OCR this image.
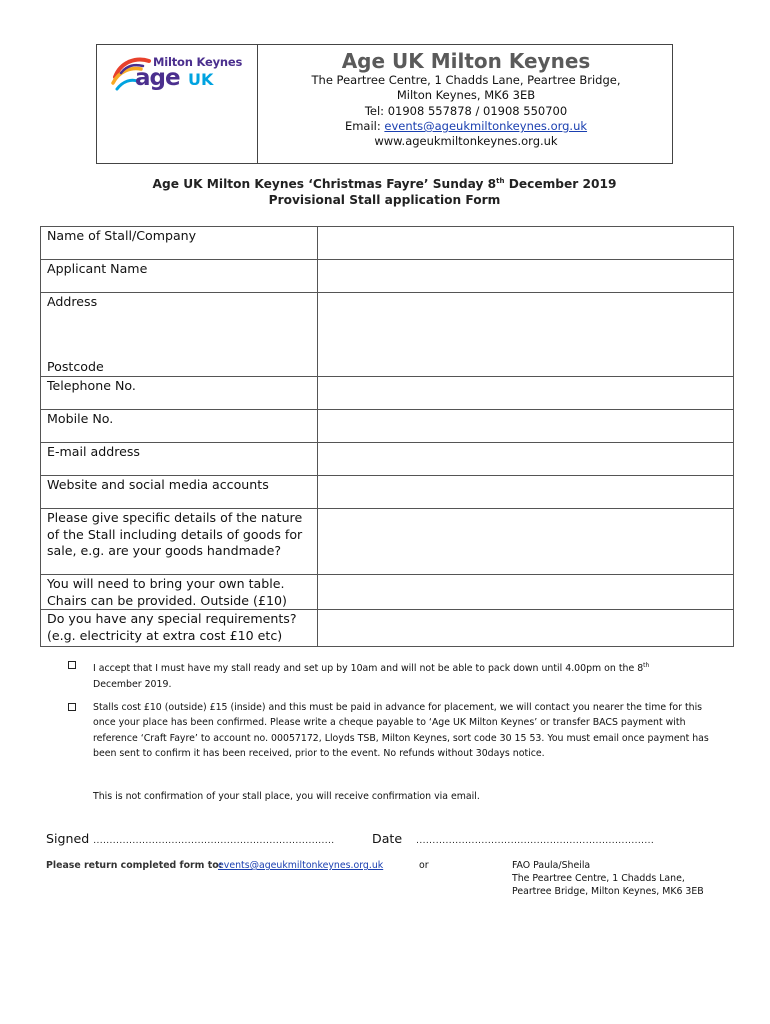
Milton Keynes
age UK
Age UK Milton Keynes
The Peartree Centre, 1 Chadds Lane, Peartree Bridge,
Milton Keynes, MK6 3EB
Tel: 01908 557878 / 01908 550700
Email: events@ageukmiltonkeynes.org.uk
www.ageukmiltonkeynes.org.uk
Age UK Milton Keynes ‘Christmas Fayre’ Sunday 8th December 2019
Provisional Stall application Form
Name of Stall/Company

Applicant Name

Address
Postcode

Telephone No.

Mobile No.

E-mail address

Website and social media accounts

Please give specific details of the nature of the Stall including details of goods for sale, e.g. are your goods handmade?

You will need to bring your own table.
Chairs can be provided. Outside (£10)

Do you have any special requirements?
(e.g. electricity at extra cost £10 etc)

I accept that I must have my stall ready and set up by 10am and will not be able to pack down until 4.00pm on the 8th
December 2019.
Stalls cost £10 (outside) £15 (inside) and this must be paid in advance for placement, we will contact you nearer the time for this once your place has been confirmed. Please write a cheque payable to ‘Age UK Milton Keynes’ or transfer BACS payment with reference ‘Craft Fayre’ to account no. 00057172, Lloyds TSB, Milton Keynes, sort code 30 15 53. You must email once payment has been sent to confirm it has been received, prior to the event. No refunds without 30days notice.
This is not confirmation of your stall place, you will receive confirmation via email.
Signed ..........................................................................	Date .........................................................................
Please return completed form to:
events@ageukmiltonkeynes.org.uk	or	FAO Paula/Sheila
The Peartree Centre, 1 Chadds Lane,
Peartree Bridge, Milton Keynes, MK6 3EB
